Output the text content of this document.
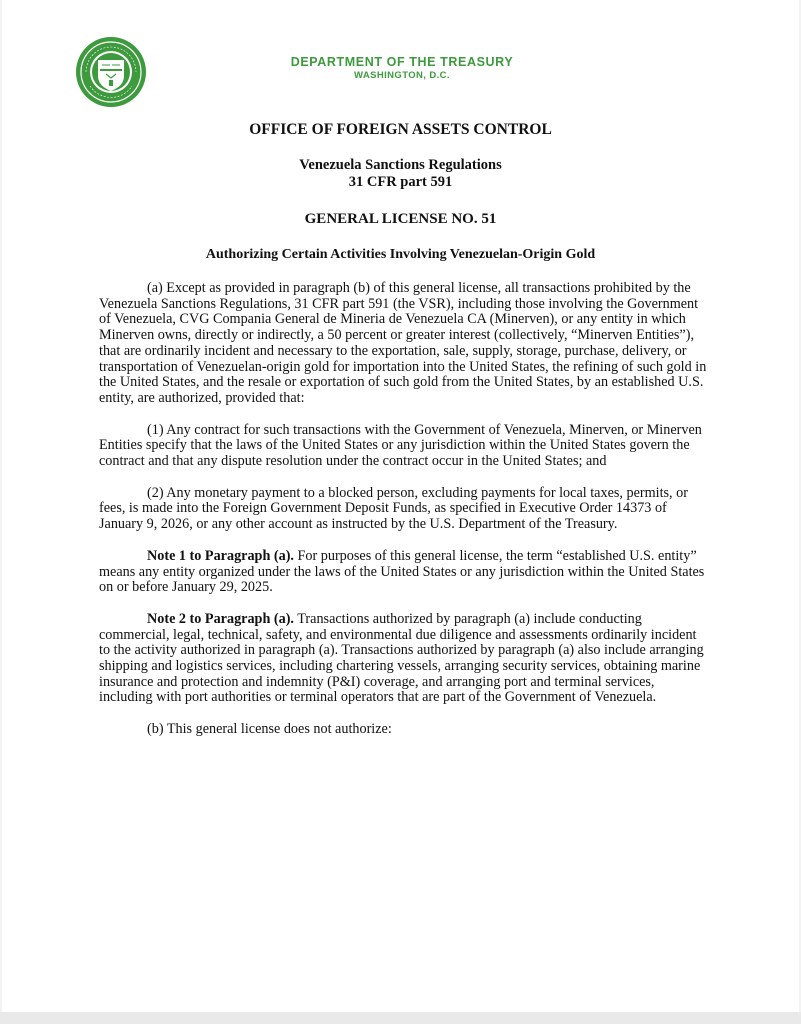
DEPARTMENT OF THE TREASURY
WASHINGTON, D.C.
OFFICE OF FOREIGN ASSETS CONTROL
Venezuela Sanctions Regulations
31 CFR part 591
GENERAL LICENSE NO. 51
Authorizing Certain Activities Involving Venezuelan-Origin Gold

(a) Except as provided in paragraph (b) of this general license, all transactions prohibited by the Venezuela Sanctions Regulations, 31 CFR part 591 (the VSR), including those involving the Government of Venezuela, CVG Compania General de Mineria de Venezuela CA (Minerven), or any entity in which Minerven owns, directly or indirectly, a 50 percent or greater interest (collectively, “Minerven Entities”), that are ordinarily incident and necessary to the exportation, sale, supply, storage, purchase, delivery, or transportation of Venezuelan-origin gold for importation into the United States, the refining of such gold in the United States, and the resale or exportation of such gold from the United States, by an established U.S. entity, are authorized, provided that:

(1) Any contract for such transactions with the Government of Venezuela, Minerven, or Minerven Entities specify that the laws of the United States or any jurisdiction within the United States govern the contract and that any dispute resolution under the contract occur in the United States; and

(2) Any monetary payment to a blocked person, excluding payments for local taxes, permits, or fees, is made into the Foreign Government Deposit Funds, as specified in Executive Order 14373 of January 9, 2026, or any other account as instructed by the U.S. Department of the Treasury.

Note 1 to Paragraph (a). For purposes of this general license, the term “established U.S. entity” means any entity organized under the laws of the United States or any jurisdiction within the United States on or before January 29, 2025.

Note 2 to Paragraph (a). Transactions authorized by paragraph (a) include conducting commercial, legal, technical, safety, and environmental due diligence and assessments ordinarily incident to the activity authorized in paragraph (a). Transactions authorized by paragraph (a) also include arranging shipping and logistics services, including chartering vessels, arranging security services, obtaining marine insurance and protection and indemnity (P&I) coverage, and arranging port and terminal services, including with port authorities or terminal operators that are part of the Government of Venezuela.

(b) This general license does not authorize:
